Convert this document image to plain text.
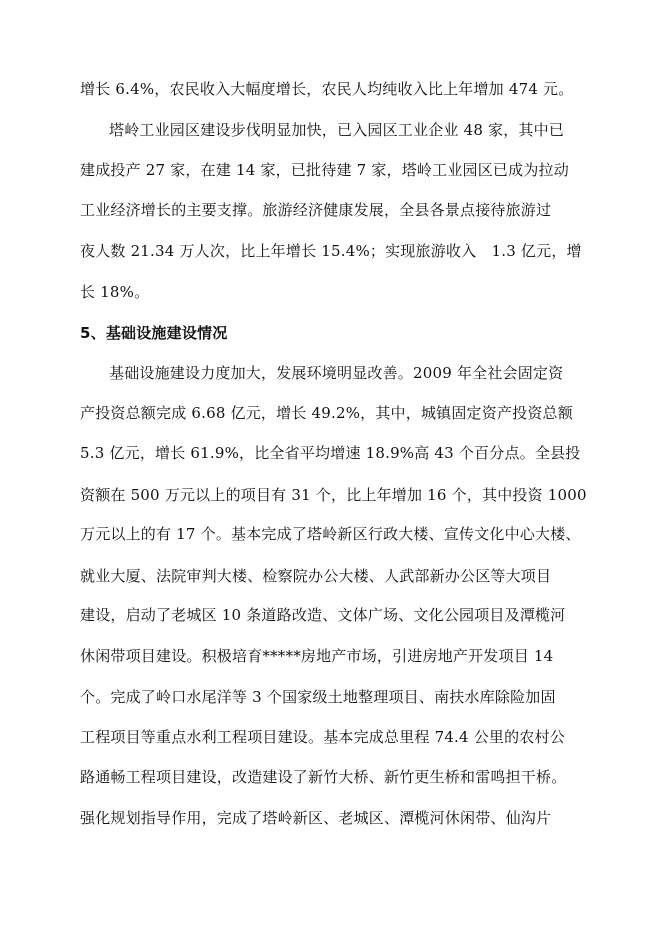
增长 6.4%，农民收入大幅度增长，农民人均纯收入比上年增加 474 元。
塔岭工业园区建设步伐明显加快，已入园区工业企业 48 家，其中已
建成投产 27 家，在建 14 家，已批待建 7 家，塔岭工业园区已成为拉动
工业经济增长的主要支撑。旅游经济健康发展，全县各景点接待旅游过
夜人数 21.34 万人次，比上年增长 15.4%；实现旅游收入　1.3 亿元，增
长 18%。
5、基础设施建设情况
基础设施建设力度加大，发展环境明显改善。2009 年全社会固定资
产投资总额完成 6.68 亿元，增长 49.2%，其中，城镇固定资产投资总额
5.3 亿元，增长 61.9%，比全省平均增速 18.9%高 43 个百分点。全县投
资额在 500 万元以上的项目有 31 个，比上年增加 16 个，其中投资 1000
万元以上的有 17 个。基本完成了塔岭新区行政大楼、宣传文化中心大楼、
就业大厦、法院审判大楼、检察院办公大楼、人武部新办公区等大项目
建设，启动了老城区 10 条道路改造、文体广场、文化公园项目及潭榄河
休闲带项目建设。积极培育*****房地产市场，引进房地产开发项目 14
个。完成了岭口水尾洋等 3 个国家级土地整理项目、南扶水库除险加固
工程项目等重点水利工程项目建设。基本完成总里程 74.4 公里的农村公
路通畅工程项目建设，改造建设了新竹大桥、新竹更生桥和雷鸣担干桥。
强化规划指导作用，完成了塔岭新区、老城区、潭榄河休闲带、仙沟片
